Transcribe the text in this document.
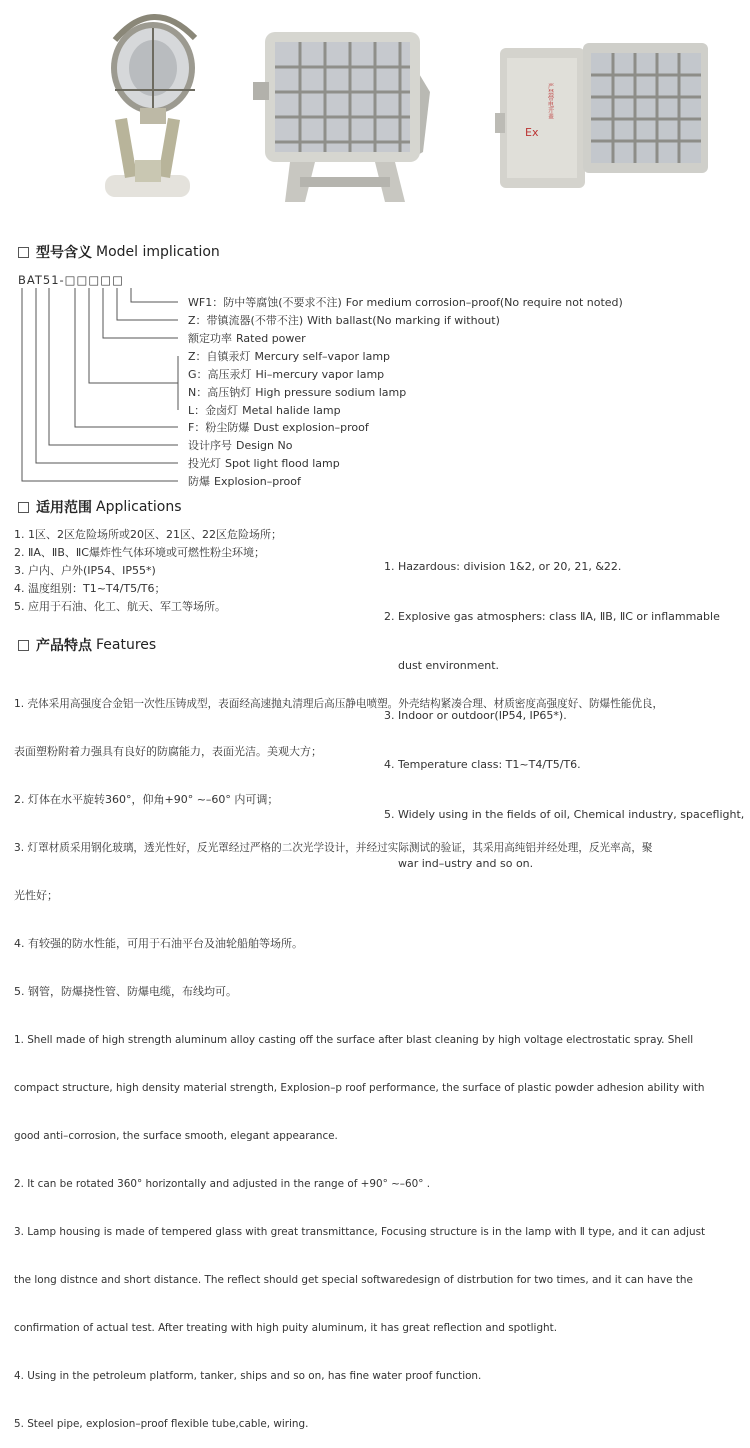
Ex
严禁带电开盖
型号含义 Model implication
BAT51-□□□□□
WF1：防中等腐蚀(不要求不注) For medium corrosion–proof(No require not noted)
Z：带镇流器(不带不注) With ballast(No marking if without)
额定功率 Rated power
Z：自镇汞灯 Mercury self–vapor lamp
G：高压汞灯 Hi–mercury vapor lamp
N：高压钠灯 High pressure sodium lamp
L：金卤灯 Metal halide lamp
F：粉尘防爆 Dust explosion–proof
设计序号 Design No
投光灯 Spot light flood lamp
防爆 Explosion–proof
适用范围 Applications
1. 1区、2区危险场所或20区、21区、22区危险场所；
2. ⅡA、ⅡB、ⅡC爆炸性气体环境或可燃性粉尘环境；
3. 户内、户外(IP54、IP55*)
4. 温度组别：T1~T4/T5/T6；
5. 应用于石油、化工、航天、军工等场所。

1. Hazardous: division 1&2, or 20, 21, &22.

2. Explosive gas atmosphers: class ⅡA, ⅡB, ⅡC or inflammable

dust environment.

3. Indoor or outdoor(IP54, IP65*).

4. Temperature class: T1~T4/T5/T6.

5. Widely using in the fields of oil, Chemical industry, spaceflight,

war ind–ustry and so on.

产品特点 Features

1. 壳体采用高强度合金铝一次性压铸成型，表面经高速抛丸清理后高压静电喷塑。外壳结构紧凑合理、材质密度高强度好、防爆性能优良，

表面塑粉附着力强具有良好的防腐能力，表面光洁。美观大方；

2. 灯体在水平旋转360°，仰角+90° ~–60° 内可调；

3. 灯罩材质采用钢化玻璃，透光性好，反光罩经过严格的二次光学设计，并经过实际测试的验证，其采用高纯铝并经处理，反光率高，聚

光性好；

4. 有较强的防水性能，可用于石油平台及油轮船舶等场所。

5. 钢管，防爆挠性管、防爆电缆，布线均可。

1. Shell made of high strength aluminum alloy casting off the surface after blast cleaning by high voltage electrostatic spray. Shell

compact structure, high density material strength, Explosion–p roof performance, the surface of plastic powder adhesion ability with

good anti–corrosion, the surface smooth, elegant appearance.

2. It can be rotated 360° horizontally and adjusted in the range of +90° ~–60° .

3. Lamp housing is made of tempered glass with great transmittance, Focusing structure is in the lamp with Ⅱ type, and it can adjust

the long distnce and short distance. The reflect should get special softwaredesign of distrbution for two times, and it can have the

confirmation of actual test. After treating with high puity aluminum, it has great reflection and spotlight.

4. Using in the petroleum platform, tanker, ships and so on, has fine water proof function.

5. Steel pipe, explosion–proof flexible tube,cable, wiring.
